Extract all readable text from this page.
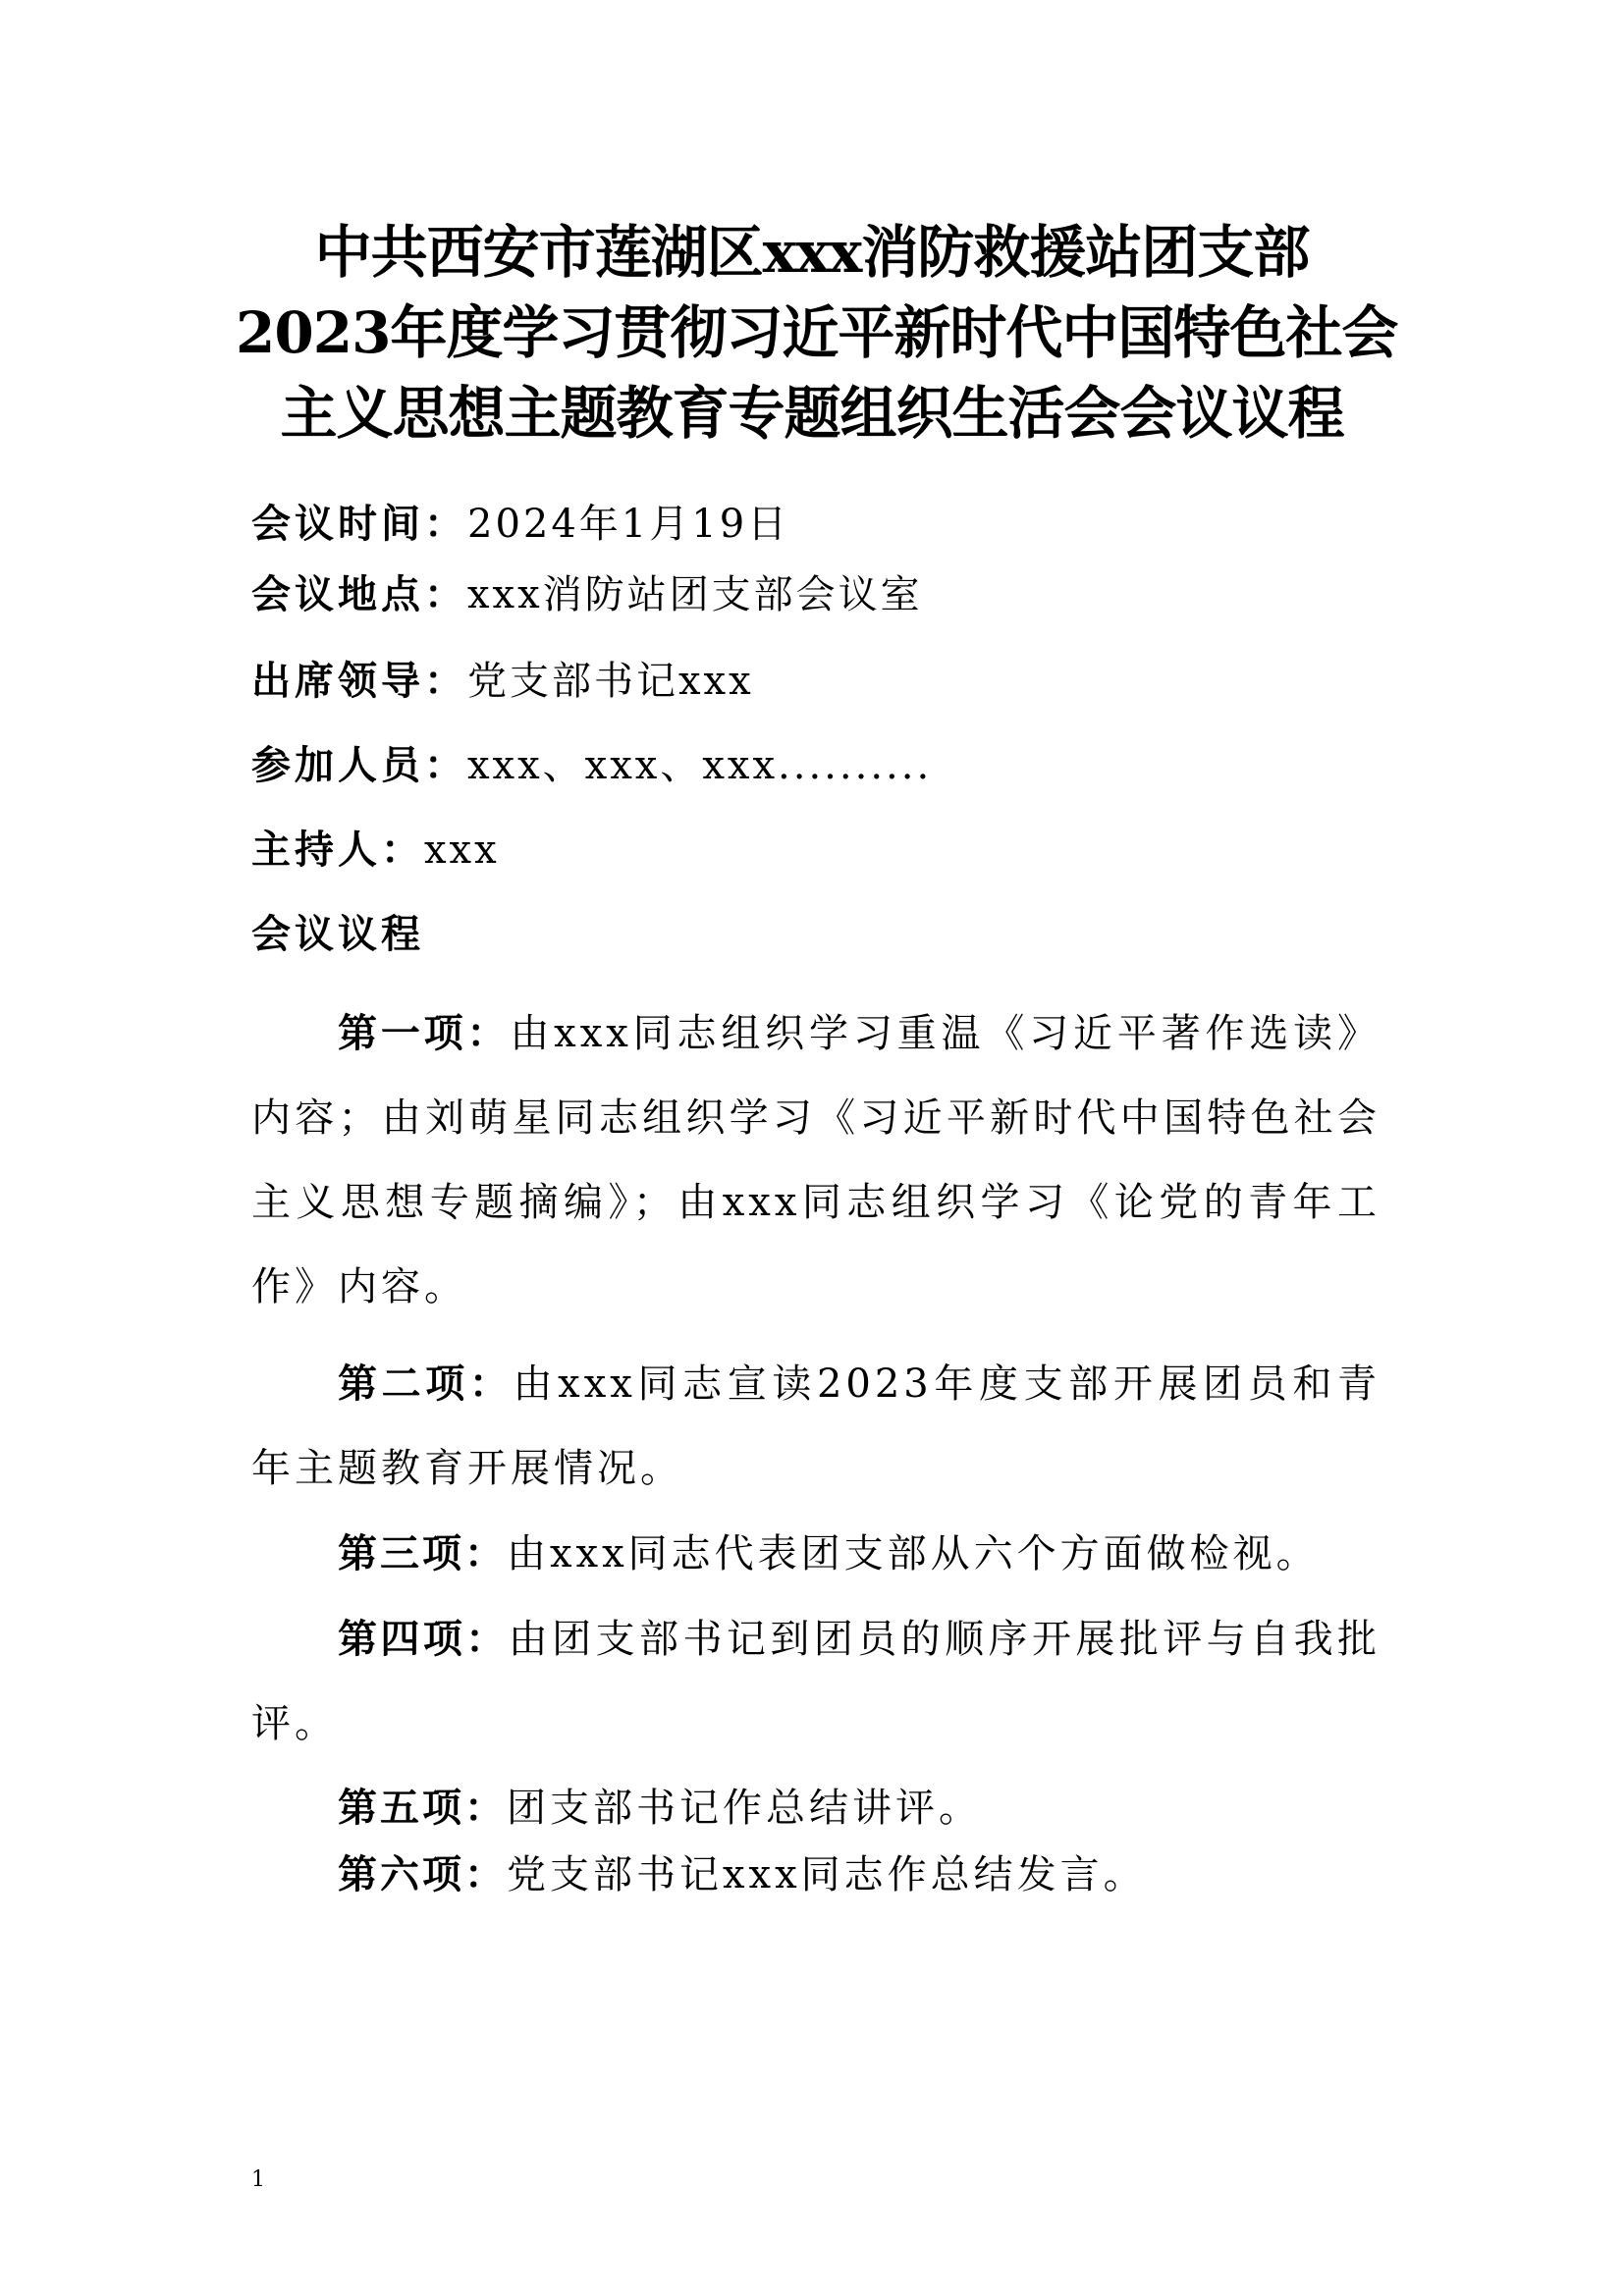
中共西安市莲湖区xxx消防救援站团支部
2023年度学习贯彻习近平新时代中国特色社会
主义思想主题教育专题组织生活会会议议程
会议时间：2024年1月19日
会议地点：xxx消防站团支部会议室
出席领导：党支部书记xxx
参加人员：xxx、xxx、xxx..........
主持人：xxx
会议议程

第一项：由xxx同志组织学习重温《习近平著作选读》内容；由刘萌星同志组织学习《习近平新时代中国特色社会主义思想专题摘编》；由xxx同志组织学习《论党的青年工作》内容。

第二项：由xxx同志宣读2023年度支部开展团员和青年主题教育开展情况。

第三项：由xxx同志代表团支部从六个方面做检视。

第四项：由团支部书记到团员的顺序开展批评与自我批评。

第五项：团支部书记作总结讲评。

第六项：党支部书记xxx同志作总结发言。

1
